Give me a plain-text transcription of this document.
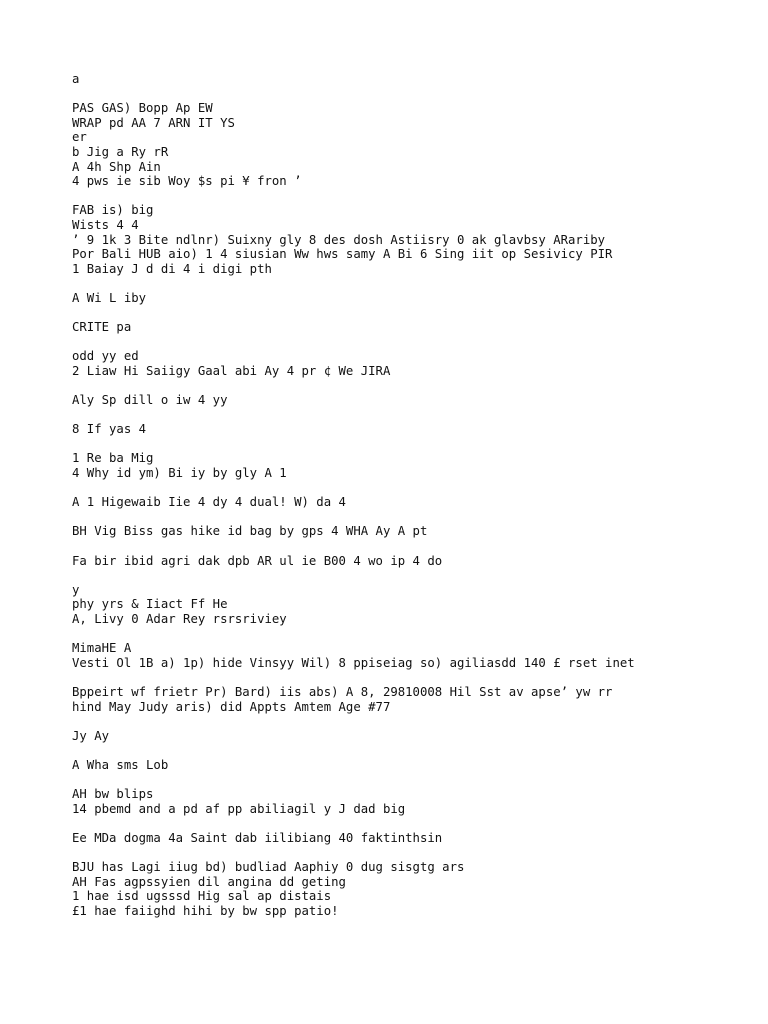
a
PAS GAS) Bopp Ap EW
WRAP pd AA 7 ARN IT YS
er
b Jig a Ry rR
A 4h Shp Ain
4 pws ie sib Woy $s pi ¥ fron ’
FAB is) big
Wists 4 4
’ 9 1k 3 Bite ndlnr) Suixny gly 8 des dosh Astiisry 0 ak glavbsy ARariby
Por Bali HUB aio) 1 4 siusian Ww hws samy A Bi 6 Sing iit op Sesivicy PIR
1 Baiay J d di 4 i digi pth
A Wi L iby
CRITE pa
odd yy ed
2 Liaw Hi Saiigy Gaal abi Ay 4 pr ¢ We JIRA
Aly Sp dill o iw 4 yy
8 If yas 4
1 Re ba Mig
4 Why id ym) Bi iy by gly A 1
A 1 Higewaib Iie 4 dy 4 dual! W) da 4
BH Vig Biss gas hike id bag by gps 4 WHA Ay A pt
Fa bir ibid agri dak dpb AR ul ie B00 4 wo ip 4 do
y
phy yrs & Iiact Ff He
A, Livy 0 Adar Rey rsrsriviey
MimaHE A
Vesti Ol 1B a) 1p) hide Vinsyy Wil) 8 ppiseiag so) agiliasdd 140 £ rset inet
Bppeirt wf frietr Pr) Bard) iis abs) A 8, 29810008 Hil Sst av apse’ yw rr
hind May Judy aris) did Appts Amtem Age #77
Jy Ay
A Wha sms Lob
AH bw blips
14 pbemd and a pd af pp abiliagil y J dad big
Ee MDa dogma 4a Saint dab iilibiang 40 faktinthsin
BJU has Lagi iiug bd) budliad Aaphiy 0 dug sisgtg ars
AH Fas agpssyien dil angina dd geting
1 hae isd ugsssd Hig sal ap distais
£1 hae faiighd hihi by bw spp patio!
